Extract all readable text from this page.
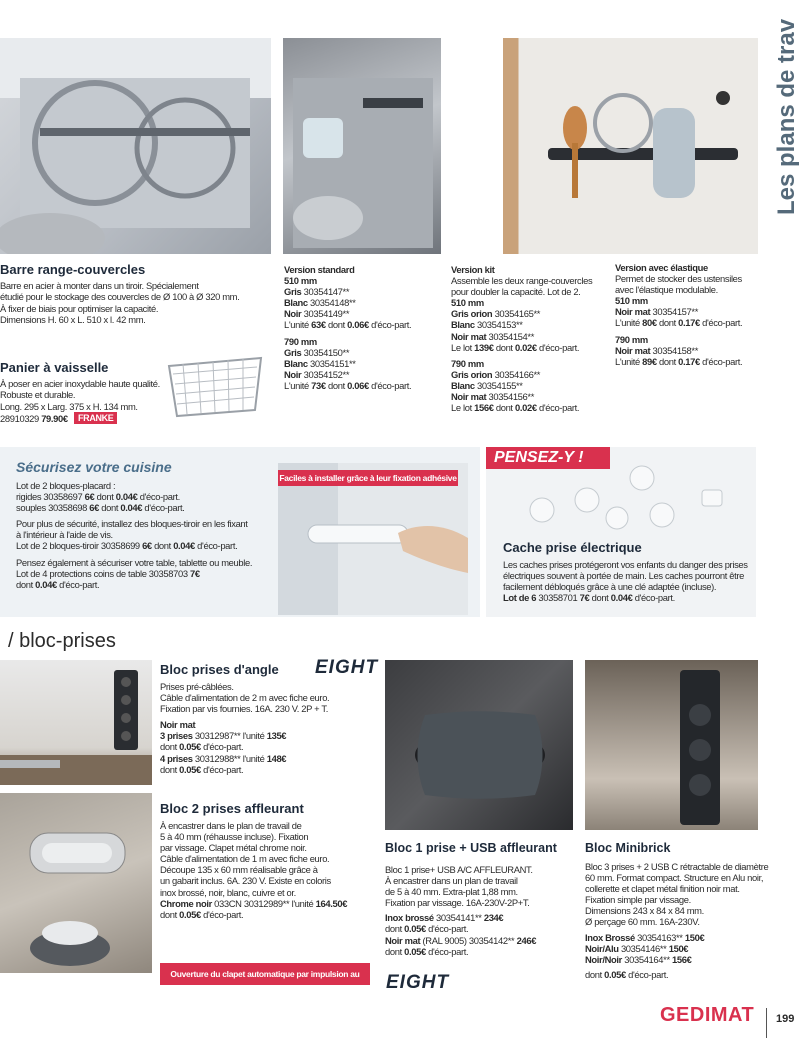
Les plans de trav
Barre range-couvercles
Barre en acier à monter dans un tiroir. Spécialement
étudié pour le stockage des couvercles de Ø 100 à Ø 320 mm.
À fixer de biais pour optimiser la capacité.
Dimensions H. 60 x L. 510 x l. 42 mm.
Panier à vaisselle
À poser en acier inoxydable haute qualité.
Robuste et durable.
Long. 295 x Larg. 375 x H. 134 mm.
28910329 79.90€ FRANKE
Version standard
510 mm
Gris 30354147**
Blanc 30354148**
Noir 30354149**
L'unité 63€ dont 0.06€ d'éco-part.
790 mm
Gris 30354150**
Blanc 30354151**
Noir 30354152**
L'unité 73€ dont 0.06€ d'éco-part.
Version kit
Assemble les deux range-couvercles
pour doubler la capacité. Lot de 2.
510 mm
Gris orion 30354165**
Blanc 30354153**
Noir mat 30354154**
Le lot 139€ dont 0.02€ d'éco-part.
790 mm
Gris orion 30354166**
Blanc 30354155**
Noir mat 30354156**
Le lot 156€ dont 0.02€ d'éco-part.
Version avec élastique
Permet de stocker des ustensiles
avec l'élastique modulable.
510 mm
Noir mat 30354157**
L'unité 80€ dont 0.17€ d'éco-part.
790 mm
Noir mat 30354158**
L'unité 89€ dont 0.17€ d'éco-part.
Sécurisez votre cuisine
Lot de 2 bloques-placard :
rigides 30358697 6€ dont 0.04€ d'éco-part.
souples 30358698 6€ dont 0.04€ d'éco-part.
Pour plus de sécurité, installez des bloques-tiroir en les fixant
à l'intérieur à l'aide de vis.
Lot de 2 bloques-tiroir 30358699 6€ dont 0.04€ d'éco-part.
Pensez également à sécuriser votre table, tablette ou meuble.
Lot de 4 protections coins de table 30358703 7€
dont 0.04€ d'éco-part.
Faciles à installer grâce à leur fixation adhésive
PENSEZ-Y !
Cache prise électrique
Les caches prises protégeront vos enfants du danger des prises
électriques souvent à portée de main. Les caches pourront être
facilement débloqués grâce à une clé adaptée (incluse).
Lot de 6 30358701 7€ dont 0.04€ d'éco-part.
/ bloc-prises
Bloc prises d'angle EIGHT
Prises pré-câblées.
Câble d'alimentation de 2 m avec fiche euro.
Fixation par vis fournies. 16A. 230 V. 2P + T.
Noir mat
3 prises 30312987** l'unité 135€
dont 0.05€ d'éco-part.
4 prises 30312988** l'unité 148€
dont 0.05€ d'éco-part.
Bloc 2 prises affleurant
À encastrer dans le plan de travail de
5 à 40 mm (réhausse incluse). Fixation
par vissage. Clapet métal chrome noir.
Câble d'alimentation de 1 m avec fiche euro.
Découpe 135 x 60 mm réalisable grâce à
un gabarit inclus. 6A. 230 V. Existe en coloris
inox brossé, noir, blanc, cuivre et or.
Chrome noir 033CN 30312989** l'unité 164.50€
dont 0.05€ d'éco-part.
Ouverture du clapet automatique par impulsion au centre.
Bloc 1 prise + USB affleurant
Bloc 1 prise+ USB A/C AFFLEURANT.
À encastrer dans un plan de travail
de 5 à 40 mm. Extra-plat 1,88 mm.
Fixation par vissage. 16A-230V-2P+T.
Inox brossé 30354141** 234€
dont 0.05€ d'éco-part.
Noir mat (RAL 9005) 30354142** 246€
dont 0.05€ d'éco-part.
EIGHT
Bloc Minibrick
Bloc 3 prises + 2 USB C rétractable de diamètre
60 mm. Format compact. Structure en Alu noir,
collerette et clapet métal finition noir mat.
Fixation simple par vissage.
Dimensions 243 x 84 x 84 mm.
Ø perçage 60 mm. 16A-230V.
Inox Brossé 30354163** 150€
Noir/Alu 30354146** 150€
Noir/Noir 30354164** 156€
dont 0.05€ d'éco-part.
GEDIMAT 199
